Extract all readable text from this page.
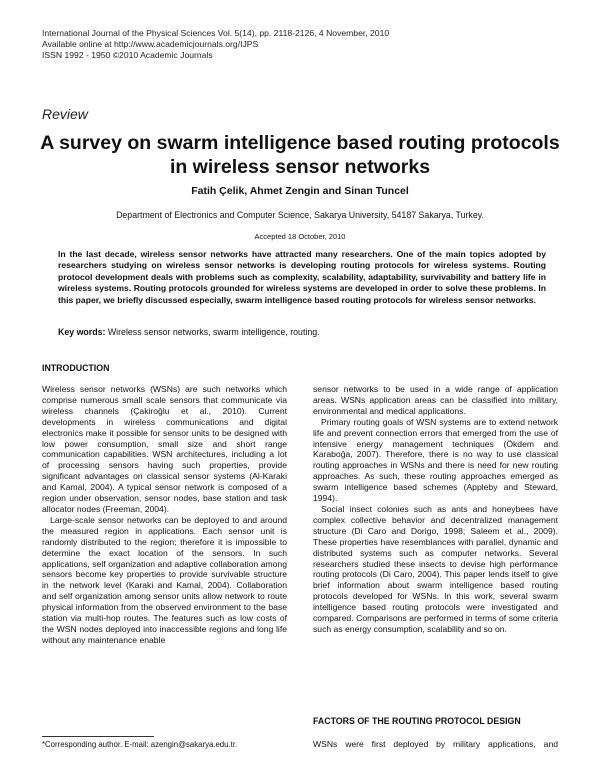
International Journal of the Physical Sciences Vol. 5(14), pp. 2118-2126, 4 November, 2010
Available online at http://www.academicjournals.org/IJPS
ISSN 1992 - 1950 ©2010 Academic Journals
Review
A survey on swarm intelligence based routing protocols in wireless sensor networks
Fatih Çelik, Ahmet Zengin and Sinan Tuncel
Department of Electronics and Computer Science, Sakarya University, 54187 Sakarya, Turkey.
Accepted 18 October, 2010
In the last decade, wireless sensor networks have attracted many researchers. One of the main topics adopted by researchers studying on wireless sensor networks is developing routing protocols for wireless systems. Routing protocol development deals with problems such as complexity, scalability, adaptability, survivability and battery life in wireless systems. Routing protocols grounded for wireless systems are developed in order to solve these problems. In this paper, we briefly discussed especially, swarm intelligence based routing protocols for wireless sensor networks.
Key words: Wireless sensor networks, swarm intelligence, routing.
INTRODUCTION

Wireless sensor networks (WSNs) are such networks which comprise numerous small scale sensors that communicate via wireless channels (Çakiroğlu et al., 2010). Current developments in wireless communications and digital electronics make it possible for sensor units to be designed with low power consumption, small size and short range communication capabilities. WSN architectures, including a lot of processing sensors having such properties, provide significant advantages on classical sensor systems (Al-Karaki and Kamal, 2004). A typical sensor network is composed of a region under observation, sensor nodes, base station and task allocator nodes (Freeman, 2004).

Large-scale sensor networks can be deployed to and around the measured region in applications. Each sensor unit is randomly distributed to the region; therefore it is impossible to determine the exact location of the sensors. In such applications, self organization and adaptive collaboration among sensors become key properties to provide survivable structure in the network level (Karaki and Kamal, 2004). Collaboration and self organization among sensor units allow network to route physical information from the observed environment to the base station via multi-hop routes. The features such as low costs of the WSN nodes deployed into inaccessible regions and long life without any maintenance enable

sensor networks to be used in a wide range of application areas. WSNs application areas can be classified into military, environmental and medical applications.

Primary routing goals of WSN systems are to extend network life and prevent connection errors that emerged from the use of intensive energy management techniques (Ökdem and Karaboğa, 2007). Therefore, there is no way to use classical routing approaches in WSNs and there is need for new routing approaches. As such, these routing approaches emerged as swarm intelligence based schemes (Appleby and Steward, 1994).

Social insect colonies such as ants and honeybees have complex collective behavior and decentralized management structure (Di Caro and Dorigo, 1998; Saleem et al., 2009). These properties have resemblances with parallel, dynamic and distributed systems such as computer networks. Several researchers studied these insects to devise high performance routing protocols (Di Caro, 2004). This paper lends itself to give brief information about swarm intelligence based routing protocols developed for WSNs. In this work, several swarm intelligence based routing protocols were investigated and compared. Comparisons are performed in terms of some criteria such as energy consumption, scalability and so on.

FACTORS OF THE ROUTING PROTOCOL DESIGN
WSNs were first deployed by military applications, and
*Corresponding author. E-mail: azengin@sakarya.edu.tr.
